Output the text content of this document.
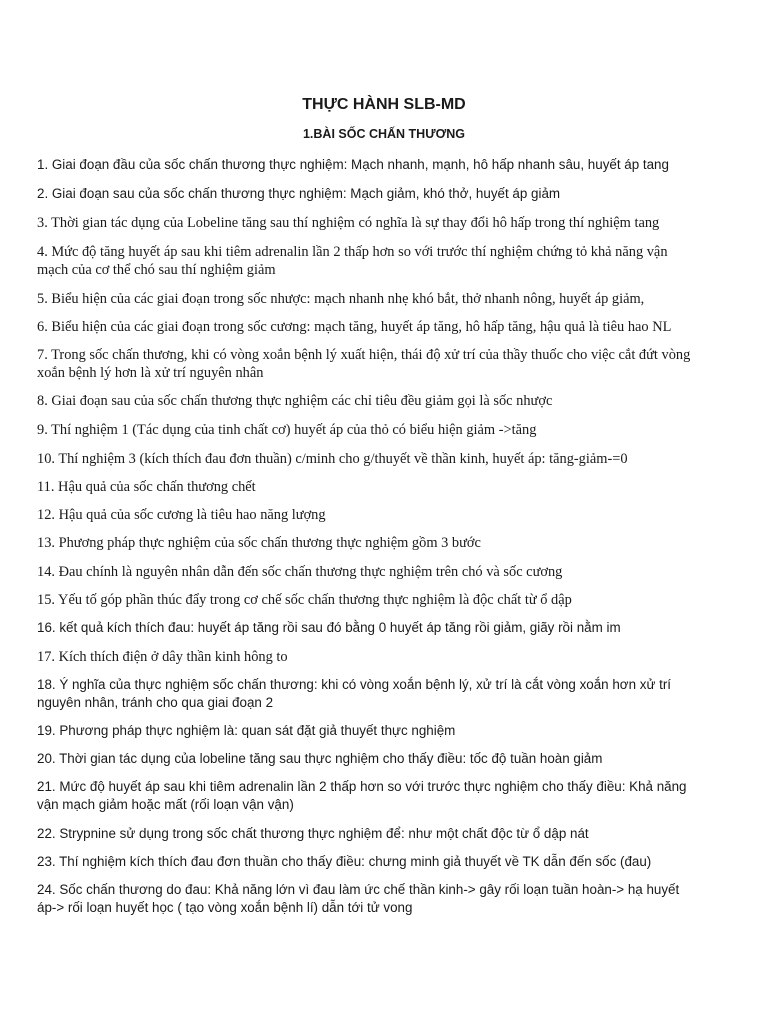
THỰC HÀNH SLB-MD
1.BÀI SỐC CHẤN THƯƠNG

1. Giai đoạn đầu của sốc chấn thương thực nghiệm: Mạch nhanh, mạnh, hô hấp nhanh sâu, huyết áp tang

2. Giai đoạn sau của sốc chấn thương thực nghiệm: Mạch giảm, khó thở, huyết áp giảm

3. Thời gian tác dụng của Lobeline tăng sau thí nghiệm có nghĩa là sự thay đổi hô hấp trong thí nghiệm tang

4. Mức độ tăng huyết áp sau khi tiêm adrenalin lần 2 thấp hơn so với trước thí nghiệm chứng tỏ khả năng vận mạch của cơ thể chó sau thí nghiệm giảm

5. Biểu hiện của các giai đoạn trong sốc nhược: mạch nhanh nhẹ khó bắt, thở nhanh nông, huyết áp giảm,

6. Biểu hiện của các giai đoạn trong sốc cương: mạch tăng, huyết áp tăng, hô hấp tăng, hậu quả là tiêu hao NL

7. Trong sốc chấn thương, khi có vòng xoắn bệnh lý xuất hiện, thái độ xử trí của thầy thuốc cho việc cắt đứt vòng xoắn bệnh lý hơn là xử trí nguyên nhân

8. Giai đoạn sau của sốc chấn thương thực nghiệm các chỉ tiêu đều giảm gọi là sốc nhược

9. Thí nghiệm 1 (Tác dụng của tinh chất cơ) huyết áp của thỏ có biểu hiện giảm ->tăng

10. Thí nghiệm 3 (kích thích đau đơn thuần) c/minh cho g/thuyết về thần kinh, huyết áp: tăng-giảm-=0

11. Hậu quả của sốc chấn thương chết

12. Hậu quả của sốc cương là tiêu hao năng lượng

13. Phương pháp thực nghiệm của sốc chấn thương thực nghiệm gồm 3 bước

14. Đau chính là nguyên nhân dẫn đến sốc chấn thương thực nghiệm trên chó và sốc cương

15. Yếu tố góp phần thúc đẩy trong cơ chế sốc chấn thương thực nghiệm là độc chất từ ổ dập

16. kết quả kích thích đau: huyết áp tăng rồi sau đó bằng 0 huyết áp tăng rồi giảm, giãy rồi nằm im

17. Kích thích điện ở dây thần kinh hông to

18. Ý nghĩa của thực nghiệm sốc chấn thương: khi có vòng xoắn bệnh lý, xử trí là cắt vòng xoắn hơn xử trí nguyên nhân, tránh cho qua giai đoạn 2

19. Phương pháp thực nghiệm là: quan sát đặt giả thuyết thực nghiệm

20. Thời gian tác dụng của lobeline tăng sau thực nghiệm cho thấy điều: tốc độ tuần hoàn giảm

21. Mức độ huyết áp sau khi tiêm adrenalin lần 2 thấp hơn so với trước thực nghiệm cho thấy điều: Khả năng vận mạch giảm hoặc mất (rối loạn vận vận)

22. Strypnine sử dụng trong sốc chất thương thực nghiệm để: như một chất độc từ ổ dập nát

23. Thí nghiệm kích thích đau đơn thuần cho thấy điều: chưng minh giả thuyết về TK dẫn đến sốc (đau)

24. Sốc chấn thương do đau: Khả năng lớn vì đau làm ức chế thần kinh-> gây rối loạn tuần hoàn-> hạ huyết áp-> rối loạn huyết học ( tạo vòng xoắn bệnh lí) dẫn tới tử vong
